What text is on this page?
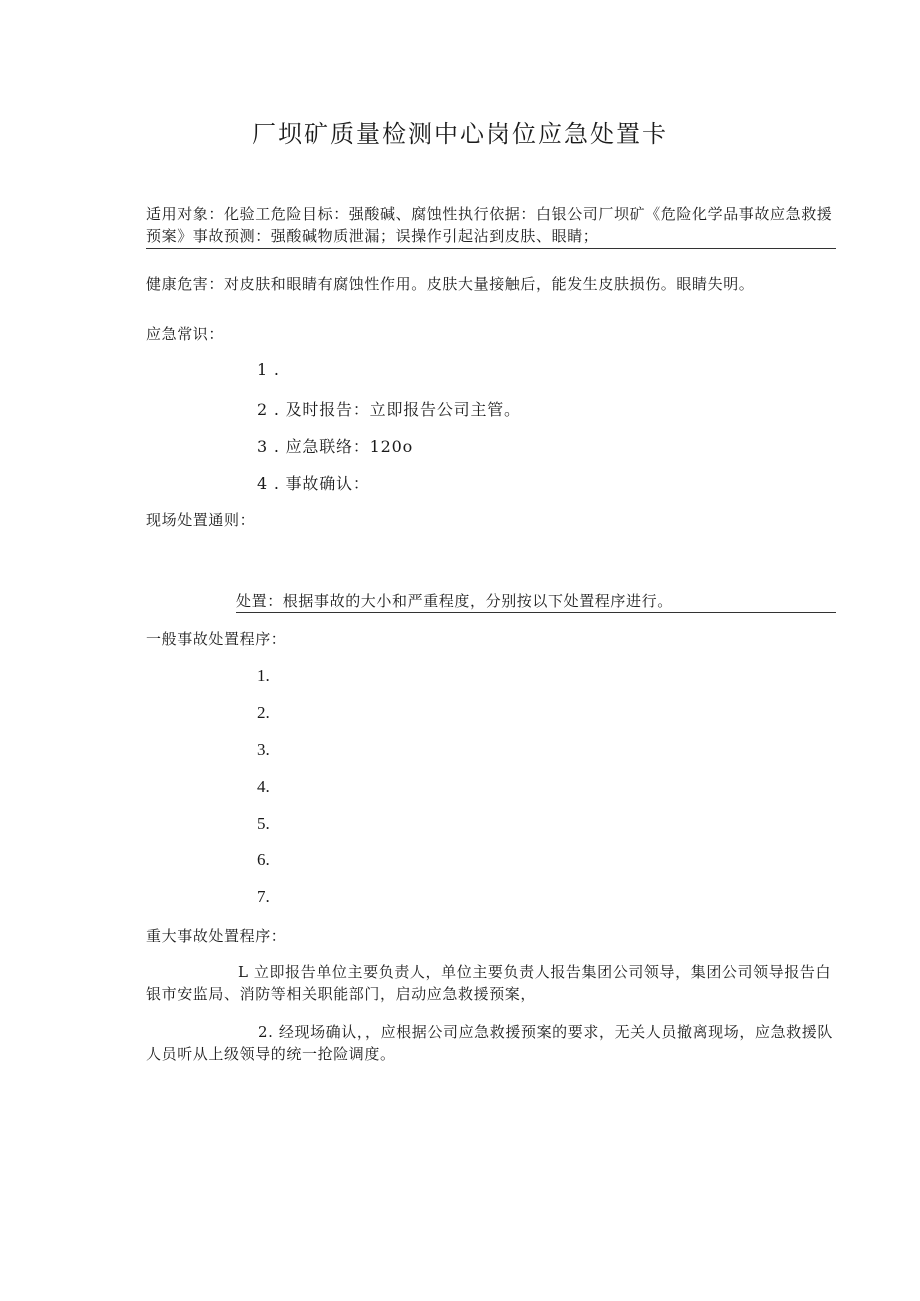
厂坝矿质量检测中心岗位应急处置卡
适用对象：化验工危险目标：强酸碱、腐蚀性执行依据：白银公司厂坝矿《危险化学品事故应急救援预案》事故预测：强酸碱物质泄漏；误操作引起沾到皮肤、眼睛；
健康危害：对皮肤和眼睛有腐蚀性作用。皮肤大量接触后，能发生皮肤损伤。眼睛失明。
应急常识：
1 .
2 . 及时报告：立即报告公司主管。
3 . 应急联络：120o
4 . 事故确认：
现场处置通则：
处置：根据事故的大小和严重程度，分别按以下处置程序进行。
一般事故处置程序：
1.
2.
3.
4.
5.
6.
7.
重大事故处置程序：
L 立即报告单位主要负责人，单位主要负责人报告集团公司领导，集团公司领导报告白银市安监局、消防等相关职能部门，启动应急救援预案，
2. 经现场确认，，应根据公司应急救援预案的要求，无关人员撤离现场，应急救援队人员听从上级领导的统一抢险调度。
